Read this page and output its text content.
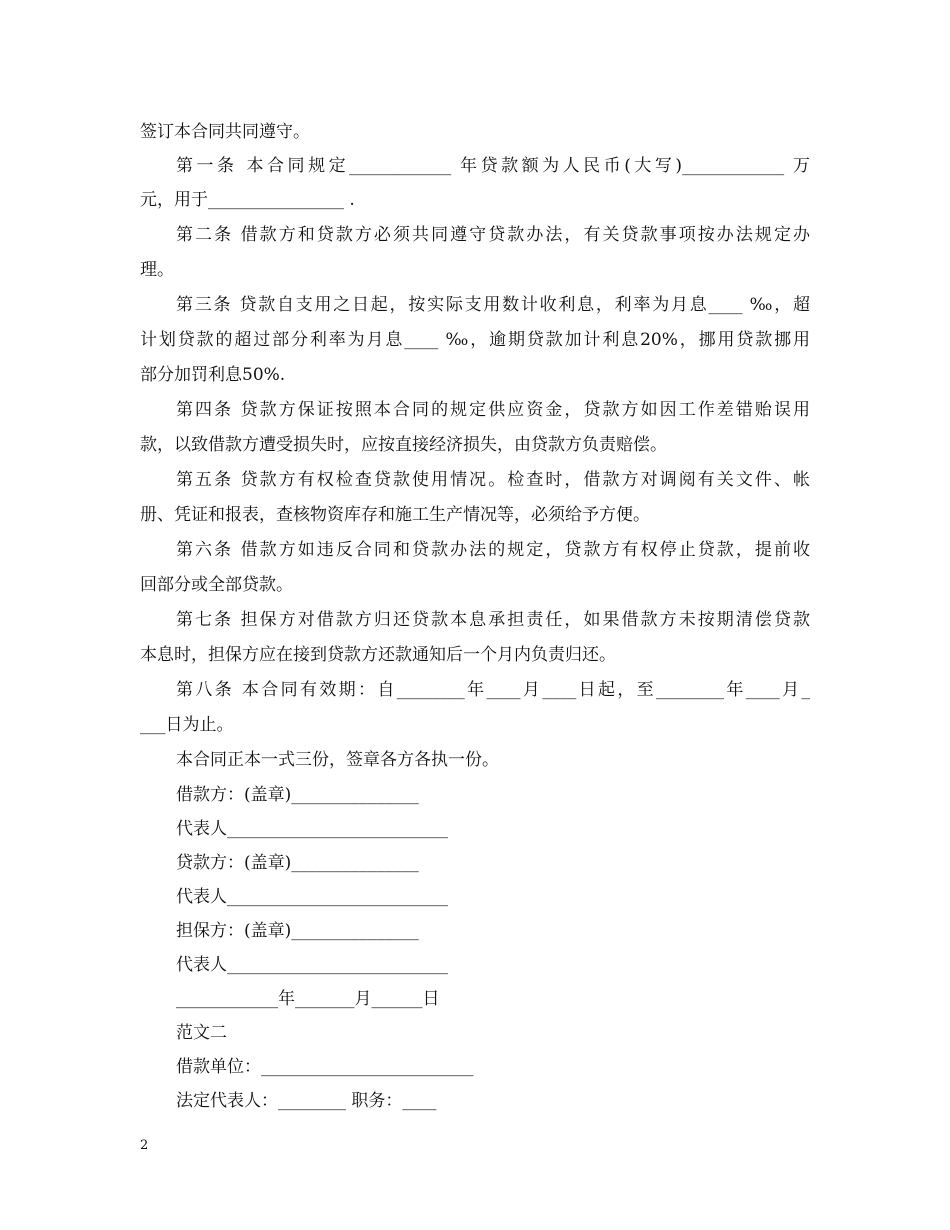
签订本合同共同遵守。
第一条 本合同规定____________ 年贷款额为人民币(大写)____________ 万
元，用于________________ .
第二条 借款方和贷款方必须共同遵守贷款办法，有关贷款事项按办法规定办
理。
第三条 贷款自支用之日起，按实际支用数计收利息，利率为月息____ ‰，超
计划贷款的超过部分利率为月息____ ‰，逾期贷款加计利息20%，挪用贷款挪用
部分加罚利息50%.
第四条 贷款方保证按照本合同的规定供应资金，贷款方如因工作差错贻误用
款，以致借款方遭受损失时，应按直接经济损失，由贷款方负责赔偿。
第五条 贷款方有权检查贷款使用情况。检查时，借款方对调阅有关文件、帐
册、凭证和报表，查核物资库存和施工生产情况等，必须给予方便。
第六条 借款方如违反合同和贷款办法的规定，贷款方有权停止贷款，提前收
回部分或全部贷款。
第七条 担保方对借款方归还贷款本息承担责任，如果借款方未按期清偿贷款
本息时，担保方应在接到贷款方还款通知后一个月内负责归还。
第八条 本合同有效期：自________年____月____日起，至________年____月_
___日为止。
本合同正本一式三份，签章各方各执一份。
借款方：(盖章)_______________
代表人__________________________
贷款方：(盖章)_______________
代表人__________________________
担保方：(盖章)_______________
代表人__________________________
____________年_______月______日
范文二
借款单位：_________________________
法定代表人：________ 职务：____
2
